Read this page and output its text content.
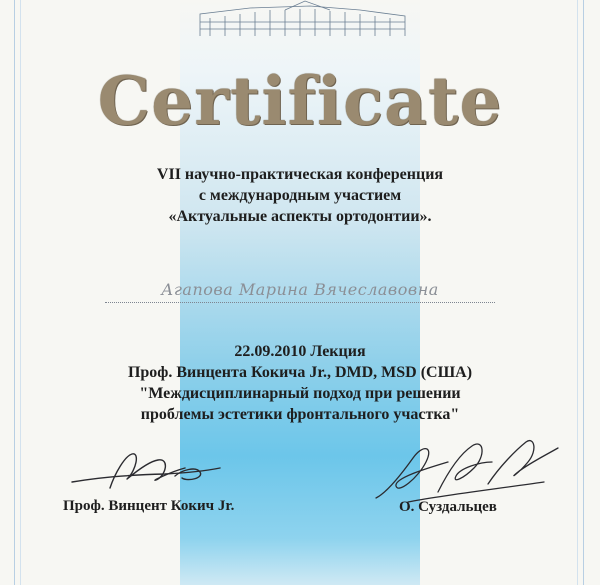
Certificate
VII научно-практическая конференция
с международным участием
«Актуальные аспекты ортодонтии».
Агапова Марина Вячеславовна
22.09.2010 Лекция
Проф. Винцента Кокича Jr., DMD, MSD (США)
"Междисциплинарный подход при решении
проблемы эстетики фронтального участка"
Проф. Винцент Кокич Jr.	О. Суздальцев
